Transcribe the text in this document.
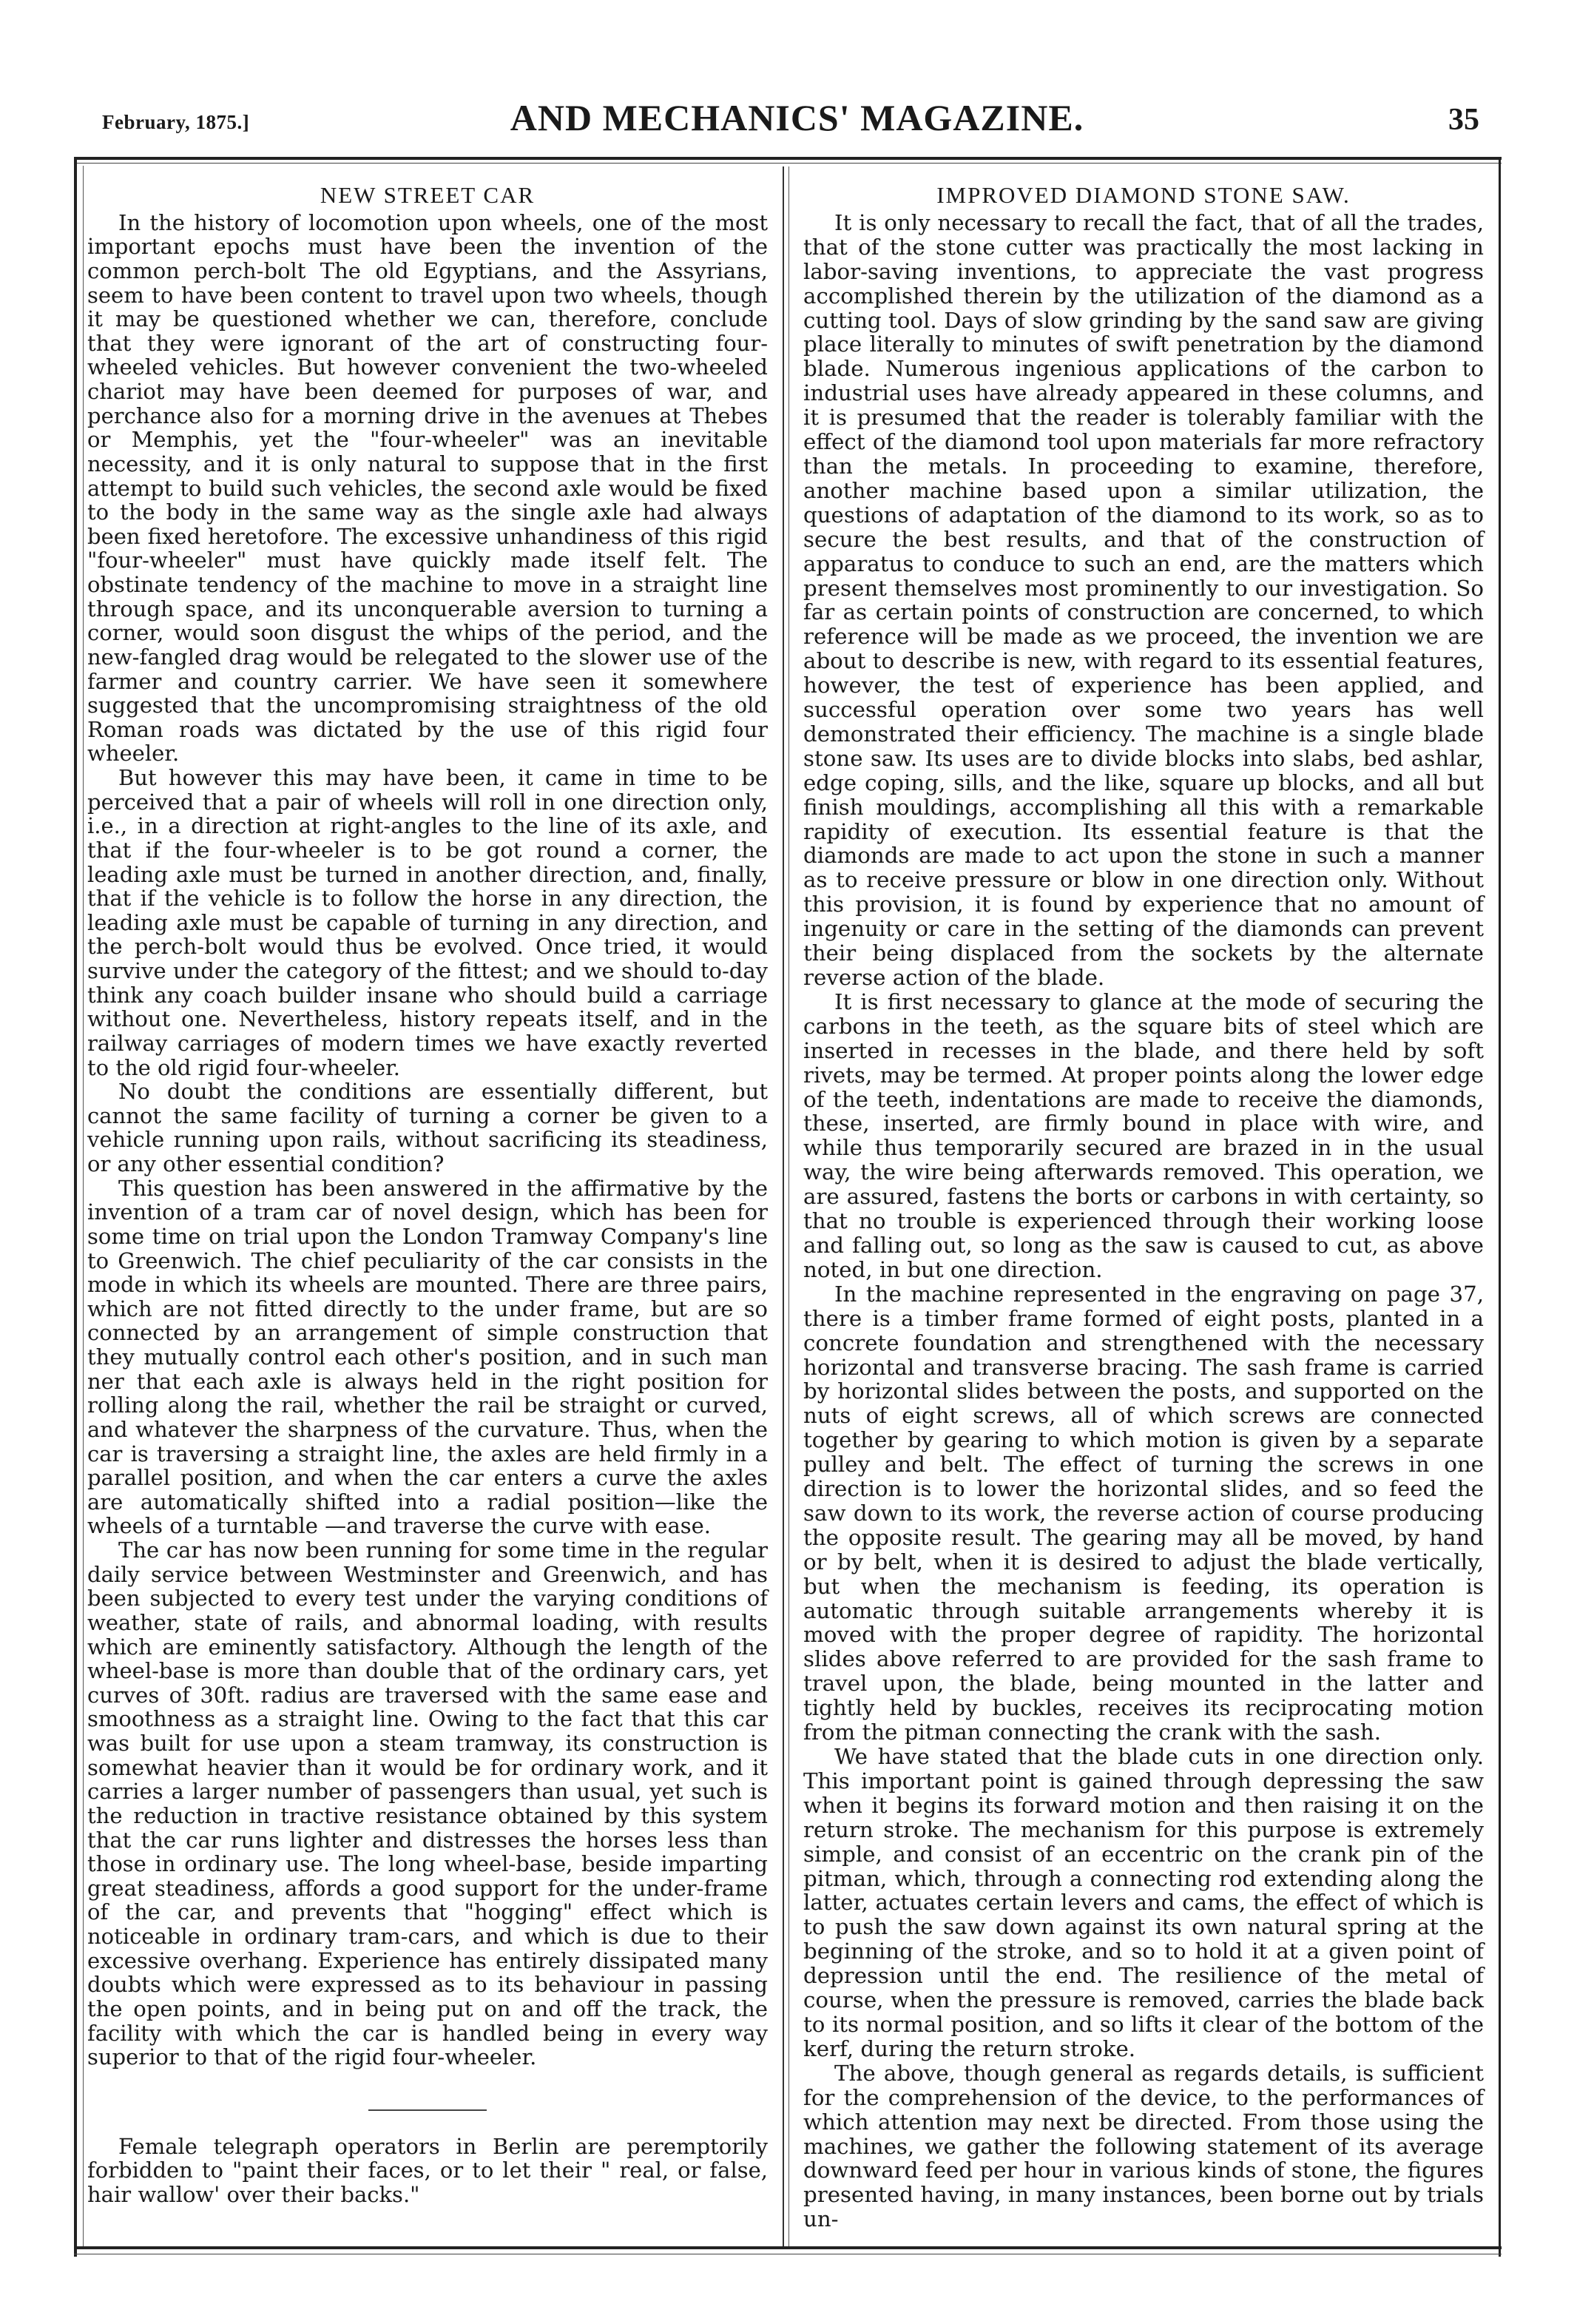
February, 1875.]	AND MECHANICS' MAGAZINE.	35
NEW STREET CAR

In the history of locomotion upon wheels, one of the most important epochs must have been the invention of the common perch-bolt The old Egyptians, and the Assyrians, seem to have been content to travel upon two wheels, though it may be questioned whether we can, therefore, conclude that they were ignorant of the art of constructing four-wheeled vehicles. But however convenient the two-wheeled chariot may have been deemed for purposes of war, and perchance also for a morning drive in the avenues at Thebes or Memphis, yet the "four-wheeler" was an inevitable necessity, and it is only natural to suppose that in the first attempt to build such vehicles, the second axle would be fixed to the body in the same way as the single axle had always been fixed heretofore. The excessive unhandiness of this rigid "four-wheeler" must have quickly made itself felt. The obstinate tendency of the machine to move in a straight line through space, and its unconquerable aversion to turning a corner, would soon disgust the whips of the period, and the new-fangled drag would be relegated to the slower use of the farmer and country carrier. We have seen it somewhere suggested that the uncompromising straightness of the old Roman roads was dictated by the use of this rigid four wheeler.

But however this may have been, it came in time to be perceived that a pair of wheels will roll in one direction only, i.e., in a direction at right-angles to the line of its axle, and that if the four-wheeler is to be got round a corner, the leading axle must be turned in another direction, and, finally, that if the vehicle is to follow the horse in any direction, the leading axle must be capable of turning in any direction, and the perch-bolt would thus be evolved. Once tried, it would survive under the category of the fittest; and we should to-day think any coach builder insane who should build a carriage without one. Nevertheless, history repeats itself, and in the railway carriages of modern times we have exactly reverted to the old rigid four-wheeler.

No doubt the conditions are essentially different, but cannot the same facility of turning a corner be given to a vehicle running upon rails, without sacrificing its steadiness, or any other essential condition?

This question has been answered in the affirmative by the invention of a tram car of novel design, which has been for some time on trial upon the London Tramway Company's line to Greenwich. The chief peculiarity of the car consists in the mode in which its wheels are mounted. There are three pairs, which are not fitted directly to the under frame, but are so connected by an arrangement of simple construction that they mutually control each other's position, and in such man ner that each axle is always held in the right position for rolling along the rail, whether the rail be straight or curved, and whatever the sharpness of the curvature. Thus, when the car is traversing a straight line, the axles are held firmly in a parallel position, and when the car enters a curve the axles are automatically shifted into a radial position—like the wheels of a turntable —and traverse the curve with ease.

The car has now been running for some time in the regular daily service between Westminster and Greenwich, and has been subjected to every test under the varying conditions of weather, state of rails, and abnormal loading, with results which are eminently satisfactory. Although the length of the wheel-base is more than double that of the ordinary cars, yet curves of 30ft. radius are traversed with the same ease and smoothness as a straight line. Owing to the fact that this car was built for use upon a steam tramway, its construction is somewhat heavier than it would be for ordinary work, and it carries a larger number of passengers than usual, yet such is the reduction in tractive resistance obtained by this system that the car runs lighter and distresses the horses less than those in ordinary use. The long wheel-base, beside imparting great steadiness, affords a good support for the under-frame of the car, and prevents that "hogging" effect which is noticeable in ordinary tram-cars, and which is due to their excessive overhang. Experience has entirely dissipated many doubts which were expressed as to its behaviour in passing the open points, and in being put on and off the track, the facility with which the car is handled being in every way superior to that of the rigid four-wheeler.

Female telegraph operators in Berlin are peremptorily forbidden to "paint their faces, or to let their " real, or false, hair wallow' over their backs."

IMPROVED DIAMOND STONE SAW.

It is only necessary to recall the fact, that of all the trades, that of the stone cutter was practically the most lacking in labor-saving inventions, to appreciate the vast progress accomplished therein by the utilization of the diamond as a cutting tool. Days of slow grinding by the sand saw are giving place literally to minutes of swift penetration by the diamond blade. Numerous ingenious applications of the carbon to industrial uses have already appeared in these columns, and it is presumed that the reader is tolerably familiar with the effect of the diamond tool upon materials far more refractory than the metals. In proceeding to examine, therefore, another machine based upon a similar utilization, the questions of adaptation of the diamond to its work, so as to secure the best results, and that of the construction of apparatus to conduce to such an end, are the matters which present themselves most prominently to our investigation. So far as certain points of construction are concerned, to which reference will be made as we proceed, the invention we are about to describe is new, with regard to its essential features, however, the test of experience has been applied, and successful operation over some two years has well demonstrated their efficiency. The machine is a single blade stone saw. Its uses are to divide blocks into slabs, bed ashlar, edge coping, sills, and the like, square up blocks, and all but finish mouldings, accomplishing all this with a remarkable rapidity of execution. Its essential feature is that the diamonds are made to act upon the stone in such a manner as to receive pressure or blow in one direction only. Without this provision, it is found by experience that no amount of ingenuity or care in the setting of the diamonds can prevent their being displaced from the sockets by the alternate reverse action of the blade.

It is first necessary to glance at the mode of securing the carbons in the teeth, as the square bits of steel which are inserted in recesses in the blade, and there held by soft rivets, may be termed. At proper points along the lower edge of the teeth, indentations are made to receive the diamonds, these, inserted, are firmly bound in place with wire, and while thus temporarily secured are brazed in in the usual way, the wire being afterwards removed. This operation, we are assured, fastens the borts or carbons in with certainty, so that no trouble is experienced through their working loose and falling out, so long as the saw is caused to cut, as above noted, in but one direction.

In the machine represented in the engraving on page 37, there is a timber frame formed of eight posts, planted in a concrete foundation and strengthened with the necessary horizontal and transverse bracing. The sash frame is carried by horizontal slides between the posts, and supported on the nuts of eight screws, all of which screws are connected together by gearing to which motion is given by a separate pulley and belt. The effect of turning the screws in one direction is to lower the horizontal slides, and so feed the saw down to its work, the reverse action of course producing the opposite result. The gearing may all be moved, by hand or by belt, when it is desired to adjust the blade vertically, but when the mechanism is feeding, its operation is automatic through suitable arrangements whereby it is moved with the proper degree of rapidity. The horizontal slides above referred to are provided for the sash frame to travel upon, the blade, being mounted in the latter and tightly held by buckles, receives its reciprocating motion from the pitman connecting the crank with the sash.

We have stated that the blade cuts in one direction only. This important point is gained through depressing the saw when it begins its forward motion and then raising it on the return stroke. The mechanism for this purpose is extremely simple, and consist of an eccentric on the crank pin of the pitman, which, through a connecting rod extending along the latter, actuates certain levers and cams, the effect of which is to push the saw down against its own natural spring at the beginning of the stroke, and so to hold it at a given point of depression until the end. The resilience of the metal of course, when the pressure is removed, carries the blade back to its normal position, and so lifts it clear of the bottom of the kerf, during the return stroke.

The above, though general as regards details, is sufficient for the comprehension of the device, to the performances of which attention may next be directed. From those using the machines, we gather the following statement of its average downward feed per hour in various kinds of stone, the figures presented having, in many instances, been borne out by trials un-
